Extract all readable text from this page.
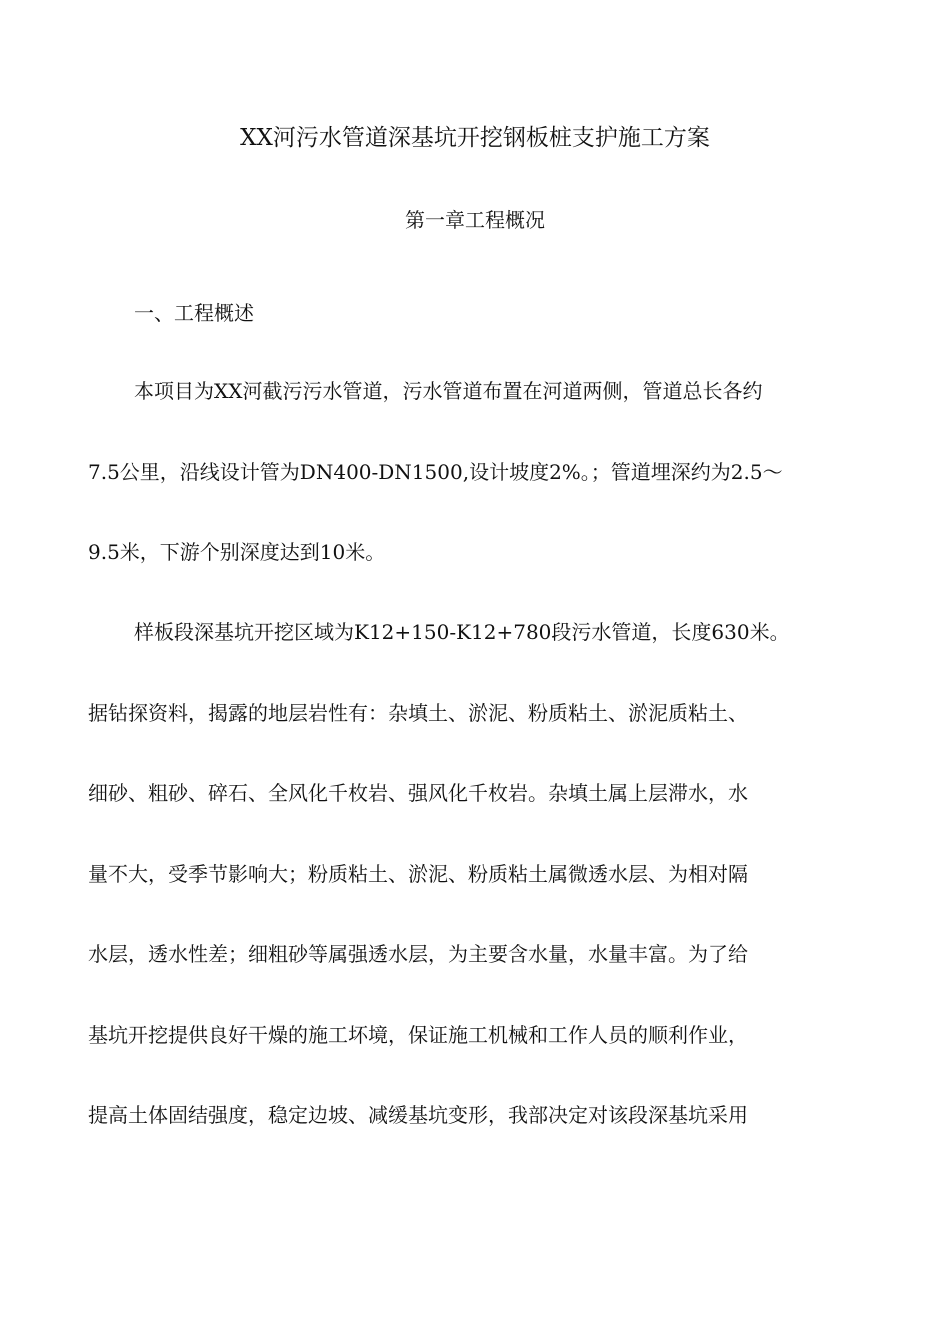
XX河污水管道深基坑开挖钢板桩支护施工方案
第一章工程概况
一、工程概述
本项目为XX河截污污水管道，污水管道布置在河道两侧，管道总长各约
7.5公里，沿线设计管为DN400-DN1500,设计坡度2%。；管道埋深约为2.5〜
9.5米，下游个别深度达到10米。
样板段深基坑开挖区域为K12+150-K12+780段污水管道，长度630米。
据钻探资料，揭露的地层岩性有：杂填土、淤泥、粉质粘土、淤泥质粘土、
细砂、粗砂、碎石、全风化千枚岩、强风化千枚岩。杂填土属上层滞水，水
量不大，受季节影响大；粉质粘土、淤泥、粉质粘土属微透水层、为相对隔
水层，透水性差；细粗砂等属强透水层，为主要含水量，水量丰富。为了给
基坑开挖提供良好干燥的施工坏境，保证施工机械和工作人员的顺利作业，
提高土体固结强度，稳定边坡、减缓基坑变形，我部决定对该段深基坑采用
